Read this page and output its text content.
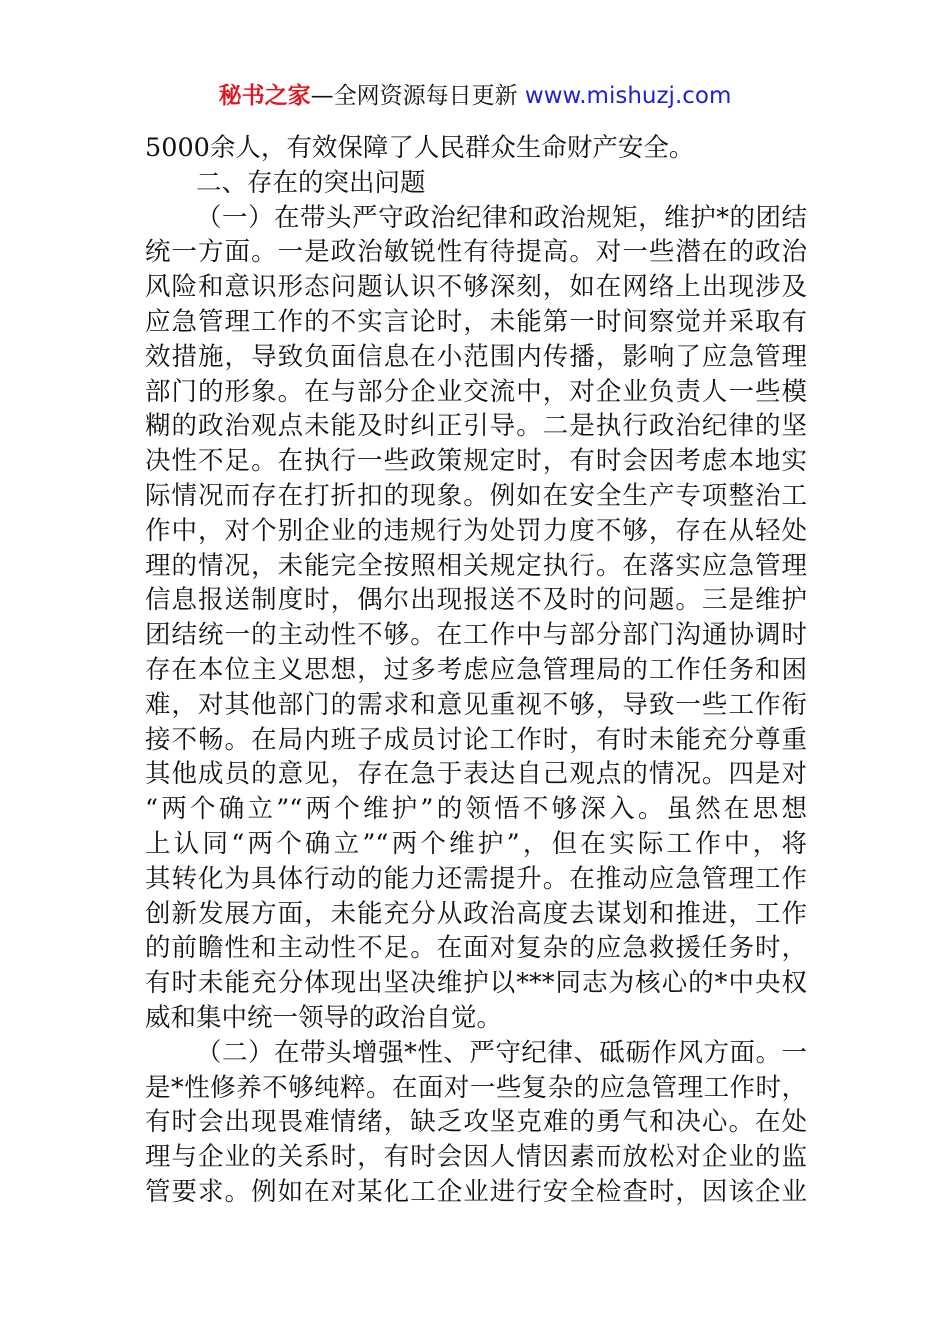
秘书之家—全网资源每日更新 www.mishuzj.com
5000余人，有效保障了人民群众生命财产安全。
二、存在的突出问题
（一）在带头严守政治纪律和政治规矩，维护*的团结
统一方面。一是政治敏锐性有待提高。对一些潜在的政治
风险和意识形态问题认识不够深刻，如在网络上出现涉及
应急管理工作的不实言论时，未能第一时间察觉并采取有
效措施，导致负面信息在小范围内传播，影响了应急管理
部门的形象。在与部分企业交流中，对企业负责人一些模
糊的政治观点未能及时纠正引导。二是执行政治纪律的坚
决性不足。在执行一些政策规定时，有时会因考虑本地实
际情况而存在打折扣的现象。例如在安全生产专项整治工
作中，对个别企业的违规行为处罚力度不够，存在从轻处
理的情况，未能完全按照相关规定执行。在落实应急管理
信息报送制度时，偶尔出现报送不及时的问题。三是维护
团结统一的主动性不够。在工作中与部分部门沟通协调时
存在本位主义思想，过多考虑应急管理局的工作任务和困
难，对其他部门的需求和意见重视不够，导致一些工作衔
接不畅。在局内班子成员讨论工作时，有时未能充分尊重
其他成员的意见，存在急于表达自己观点的情况。四是对
“两个确立”“两个维护”的领悟不够深入。虽然在思想
上认同“两个确立”“两个维护”，但在实际工作中，将
其转化为具体行动的能力还需提升。在推动应急管理工作
创新发展方面，未能充分从政治高度去谋划和推进，工作
的前瞻性和主动性不足。在面对复杂的应急救援任务时，
有时未能充分体现出坚决维护以***同志为核心的*中央权
威和集中统一领导的政治自觉。
（二）在带头增强*性、严守纪律、砥砺作风方面。一
是*性修养不够纯粹。在面对一些复杂的应急管理工作时，
有时会出现畏难情绪，缺乏攻坚克难的勇气和决心。在处
理与企业的关系时，有时会因人情因素而放松对企业的监
管要求。例如在对某化工企业进行安全检查时，因该企业
